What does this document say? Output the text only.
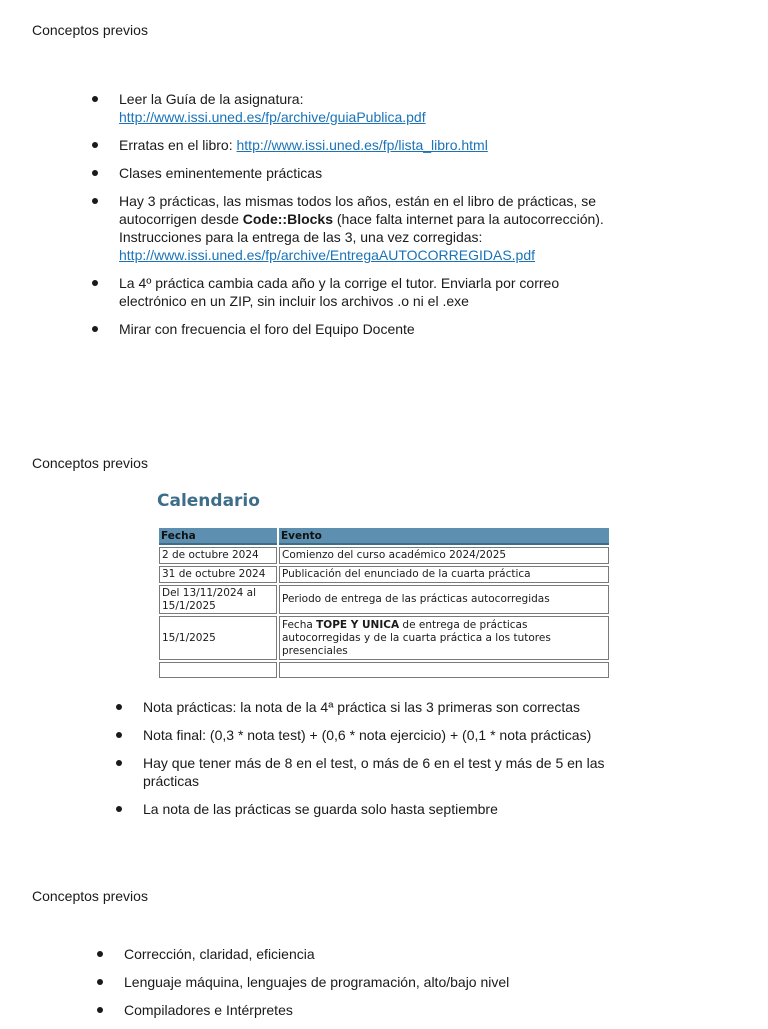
Conceptos previos
Leer la Guía de la asignatura:
http://www.issi.uned.es/fp/archive/guiaPublica.pdf
Erratas en el libro: http://www.issi.uned.es/fp/lista_libro.html
Clases eminentemente prácticas
Hay 3 prácticas, las mismas todos los años, están en el libro de prácticas, se autocorrigen desde Code::Blocks (hace falta internet para la autocorrección). Instrucciones para la entrega de las 3, una vez corregidas:
http://www.issi.uned.es/fp/archive/EntregaAUTOCORREGIDAS.pdf
La 4º práctica cambia cada año y la corrige el tutor. Enviarla por correo electrónico en un ZIP, sin incluir los archivos .o ni el .exe
Mirar con frecuencia el foro del Equipo Docente
Conceptos previos
Calendario
Fecha	Evento
2 de octubre 2024	Comienzo del curso académico 2024/2025
31 de octubre 2024	Publicación del enunciado de la cuarta práctica
Del 13/11/2024 al 15/1/2025	Periodo de entrega de las prácticas autocorregidas
15/1/2025	Fecha TOPE Y UNICA de entrega de prácticas autocorregidas y de la cuarta práctica a los tutores presenciales

Nota prácticas: la nota de la 4ª práctica si las 3 primeras son correctas
Nota final: (0,3 * nota test) + (0,6 * nota ejercicio) + (0,1 * nota prácticas)
Hay que tener más de 8 en el test, o más de 6 en el test y más de 5 en las prácticas
La nota de las prácticas se guarda solo hasta septiembre
Conceptos previos
Corrección, claridad, eficiencia
Lenguaje máquina, lenguajes de programación, alto/bajo nivel
Compiladores e Intérpretes
